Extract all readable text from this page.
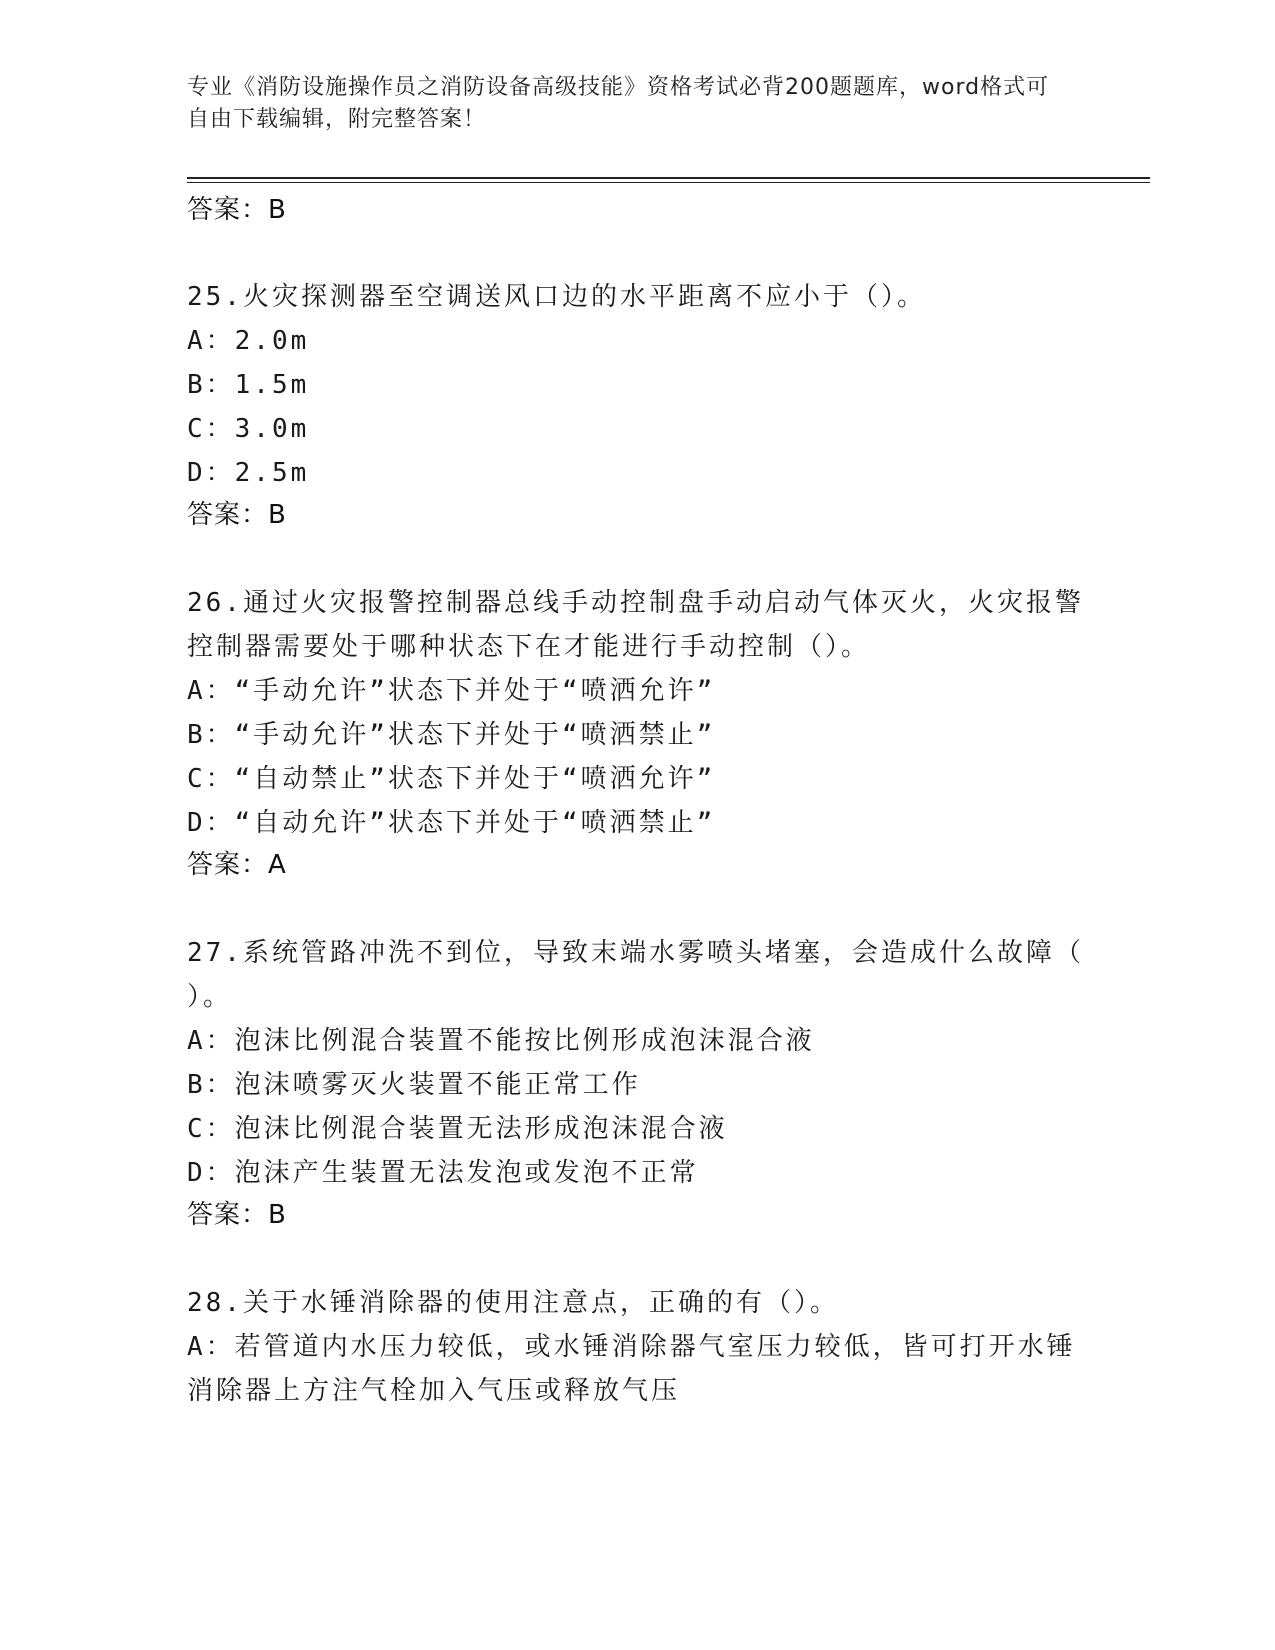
专业《消防设施操作员之消防设备高级技能》资格考试必背200题题库，word格式可自由下载编辑，附完整答案！
答案：B
25.火灾探测器至空调送风口边的水平距离不应小于（）。
A：2.0m
B：1.5m
C：3.0m
D：2.5m
答案：B
26.通过火灾报警控制器总线手动控制盘手动启动气体灭火，火灾报警
控制器需要处于哪种状态下在才能进行手动控制（）。
A：“手动允许”状态下并处于“喷洒允许”
B：“手动允许”状态下并处于“喷洒禁止”
C：“自动禁止”状态下并处于“喷洒允许”
D：“自动允许”状态下并处于“喷洒禁止”
答案：A
27.系统管路冲洗不到位，导致末端水雾喷头堵塞，会造成什么故障（
）。
A：泡沫比例混合装置不能按比例形成泡沫混合液
B：泡沫喷雾灭火装置不能正常工作
C：泡沫比例混合装置无法形成泡沫混合液
D：泡沫产生装置无法发泡或发泡不正常
答案：B
28.关于水锤消除器的使用注意点，正确的有（）。
A：若管道内水压力较低，或水锤消除器气室压力较低，皆可打开水锤
消除器上方注气栓加入气压或释放气压
